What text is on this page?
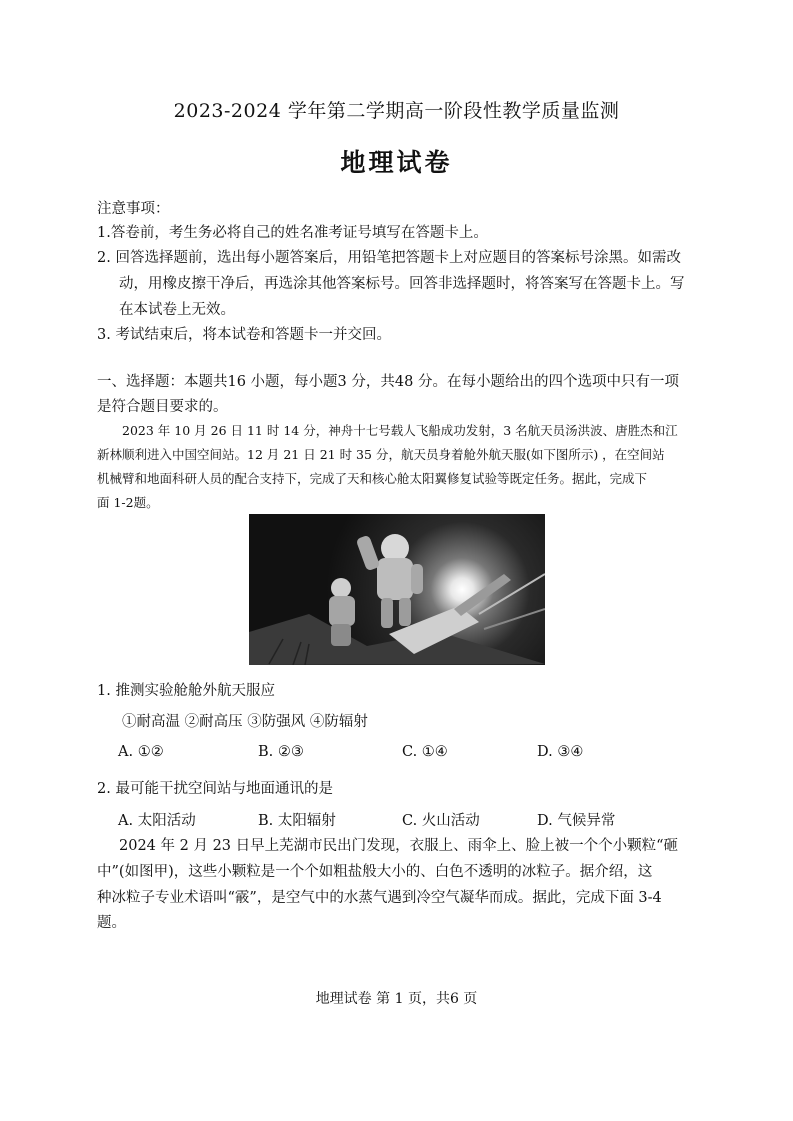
2023-2024 学年第二学期高一阶段性教学质量监测
地理试卷
注意事项：
1.答卷前，考生务必将自己的姓名准考证号填写在答题卡上。
2. 回答选择题前，选出每小题答案后，用铅笔把答题卡上对应题目的答案标号涂黑。如需改
动，用橡皮擦干净后，再选涂其他答案标号。回答非选择题时，将答案写在答题卡上。写
在本试卷上无效。
3. 考试结束后，将本试卷和答题卡一并交回。
一、选择题：本题共16 小题，每小题3 分，共48 分。在每小题给出的四个选项中只有一项
是符合题目要求的。
2023 年 10 月 26 日 11 时 14 分，神舟十七号载人飞船成功发射，3 名航天员汤洪波、唐胜杰和江
新林顺利进入中国空间站。12 月 21 日 21 时 35 分，航天员身着舱外航天服(如下图所示) ，在空间站
机械臂和地面科研人员的配合支持下，完成了天和核心舱太阳翼修复试验等既定任务。据此，完成下
面 1-2题。
1. 推测实验舱舱外航天服应
①耐高温 ②耐高压 ③防强风 ④防辐射
A. ①②	B. ②③	C. ①④	D. ③④
2. 最可能干扰空间站与地面通讯的是
A. 太阳活动	B. 太阳辐射	C. 火山活动	D. 气候异常
2024 年 2 月 23 日早上芜湖市民出门发现，衣服上、雨伞上、脸上被一个个小颗粒“砸
中”(如图甲)，这些小颗粒是一个个如粗盐般大小的、白色不透明的冰粒子。据介绍，这
种冰粒子专业术语叫“霰”，是空气中的水蒸气遇到冷空气凝华而成。据此，完成下面 3-4
题。
地理试卷 第 1 页，共6 页
